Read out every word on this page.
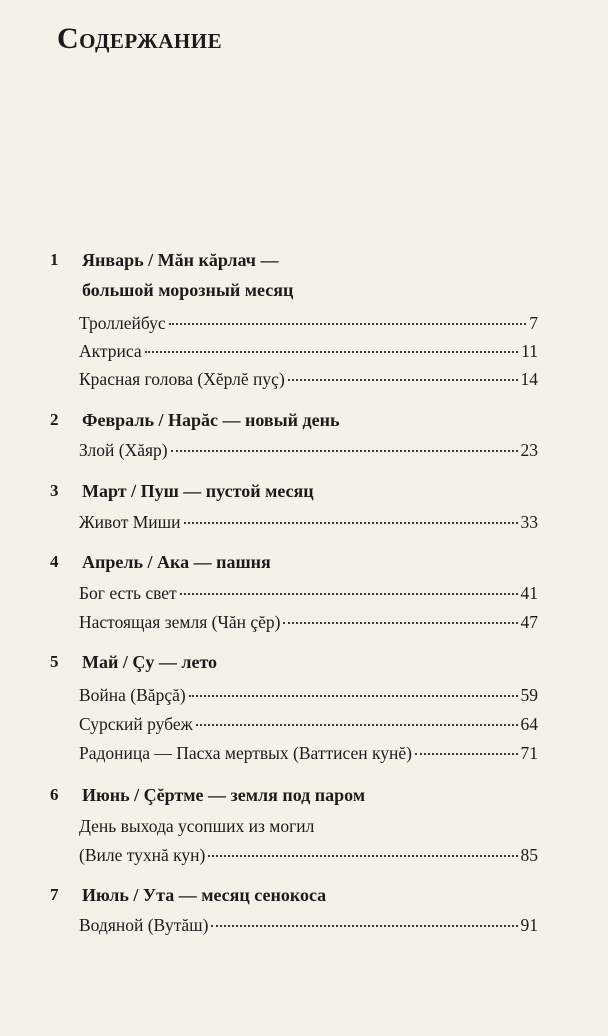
Содержание
1 Январь / Мăн кăрлач —
большой морозный месяц
Троллейбус	7
Актриса	11
Красная голова (Хĕрлĕ пуç)	14
2 Февраль / Нарăс — новый день
Злой (Хăяр)	23
3 Март / Пуш — пустой месяц
Живот Миши	33
4 Апрель / Ака — пашня
Бог есть свет	41
Настоящая земля (Чăн çĕр)	47
5 Май / Çу — лето
Война (Вăрçă)	59
Сурский рубеж	64
Радоница — Пасха мертвых (Ваттисен кунĕ)	71
6 Июнь / Çĕртме — земля под паром
День выхода усопших из могил
(Виле тухнă кун)	85
7 Июль / Ута — месяц сенокоса
Водяной (Вутăш)	91
